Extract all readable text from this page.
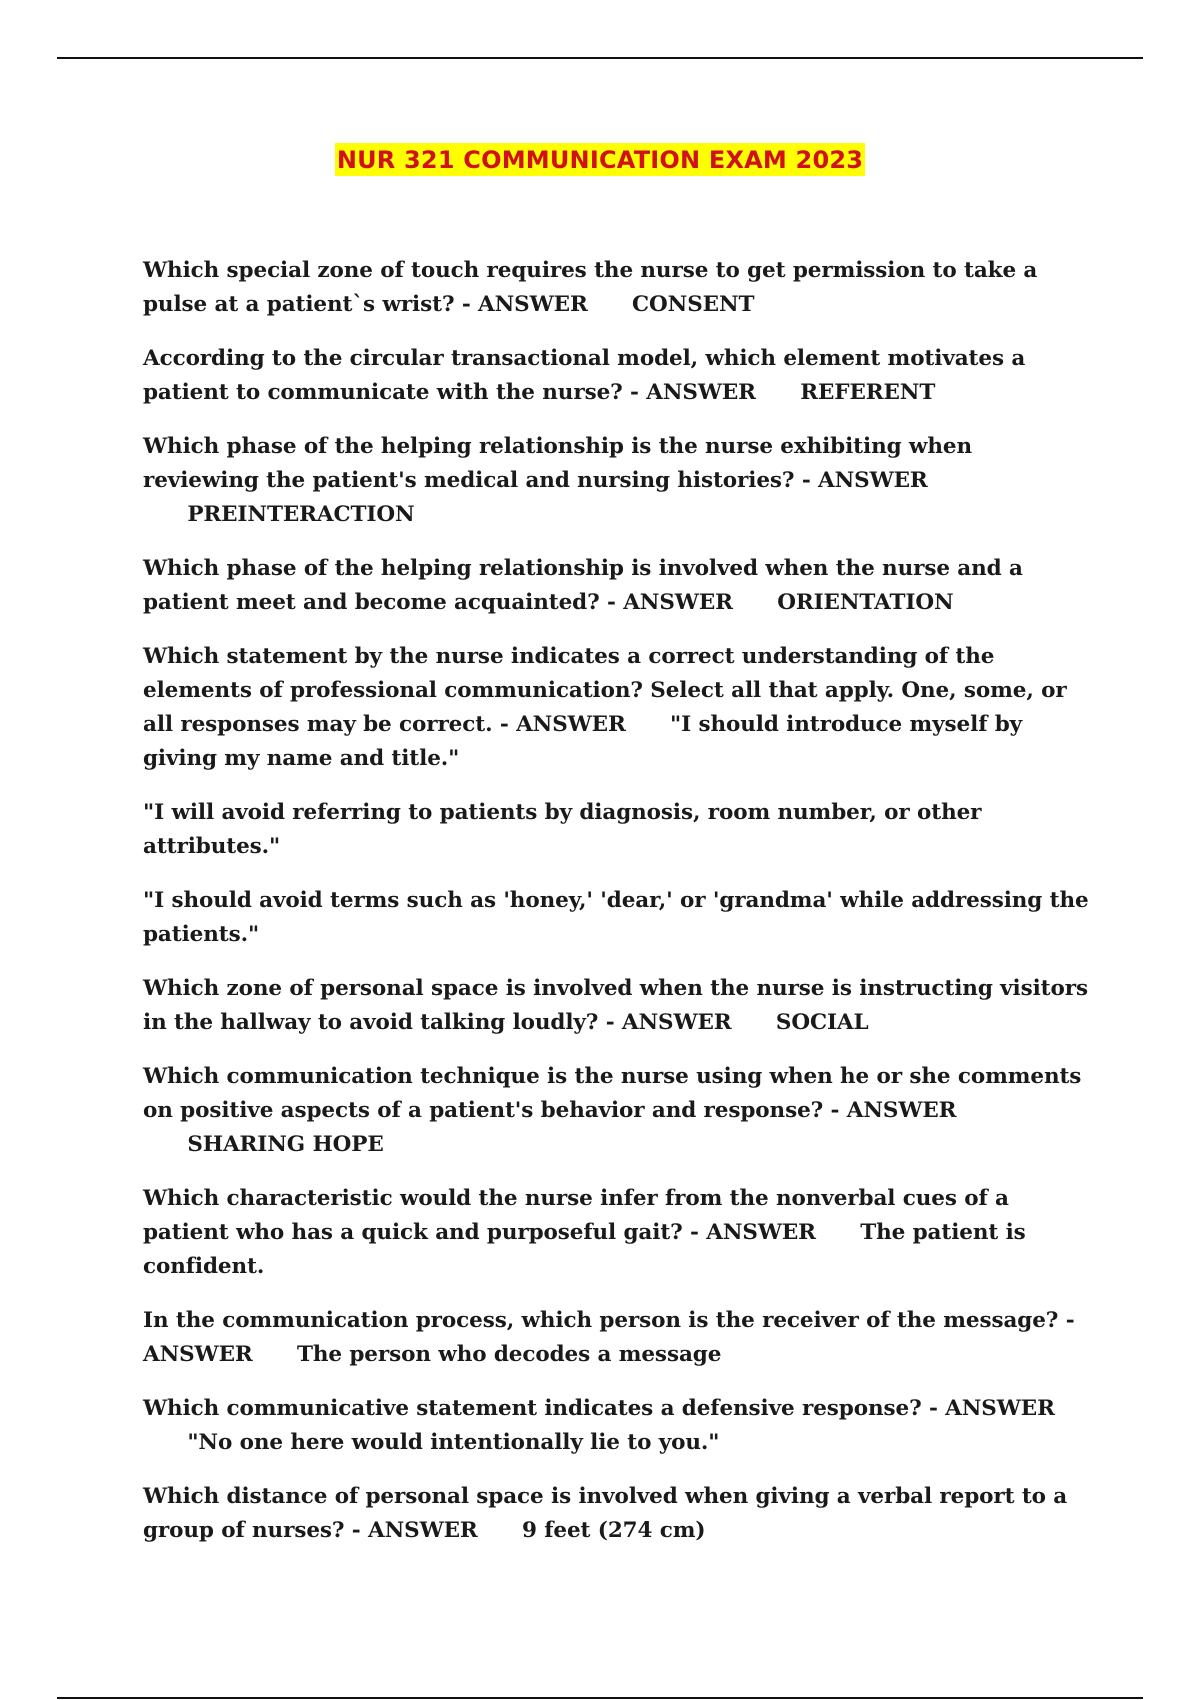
NUR 321 COMMUNICATION EXAM 2023

Which special zone of touch requires the nurse to get permission to take a pulse at a patient`s wrist? - ANSWER CONSENT

According to the circular transactional model, which element motivates a patient to communicate with the nurse? - ANSWER REFERENT

Which phase of the helping relationship is the nurse exhibiting when reviewing the patient's medical and nursing histories? - ANSWER      PREINTERACTION

Which phase of the helping relationship is involved when the nurse and a patient meet and become acquainted? - ANSWER ORIENTATION

Which statement by the nurse indicates a correct understanding of the elements of professional communication? Select all that apply. One, some, or all responses may be correct. - ANSWER "I should introduce myself by giving my name and title."

"I will avoid referring to patients by diagnosis, room number, or other attributes."

"I should avoid terms such as 'honey,' 'dear,' or 'grandma' while addressing the patients."

Which zone of personal space is involved when the nurse is instructing visitors in the hallway to avoid talking loudly? - ANSWER SOCIAL

Which communication technique is the nurse using when he or she comments on positive aspects of a patient's behavior and response? - ANSWER      SHARING HOPE

Which characteristic would the nurse infer from the nonverbal cues of a patient who has a quick and purposeful gait? - ANSWER The patient is confident.

In the communication process, which person is the receiver of the message? - ANSWER The person who decodes a message

Which communicative statement indicates a defensive response? - ANSWER      "No one here would intentionally lie to you."

Which distance of personal space is involved when giving a verbal report to a group of nurses? - ANSWER 9 feet (274 cm)
